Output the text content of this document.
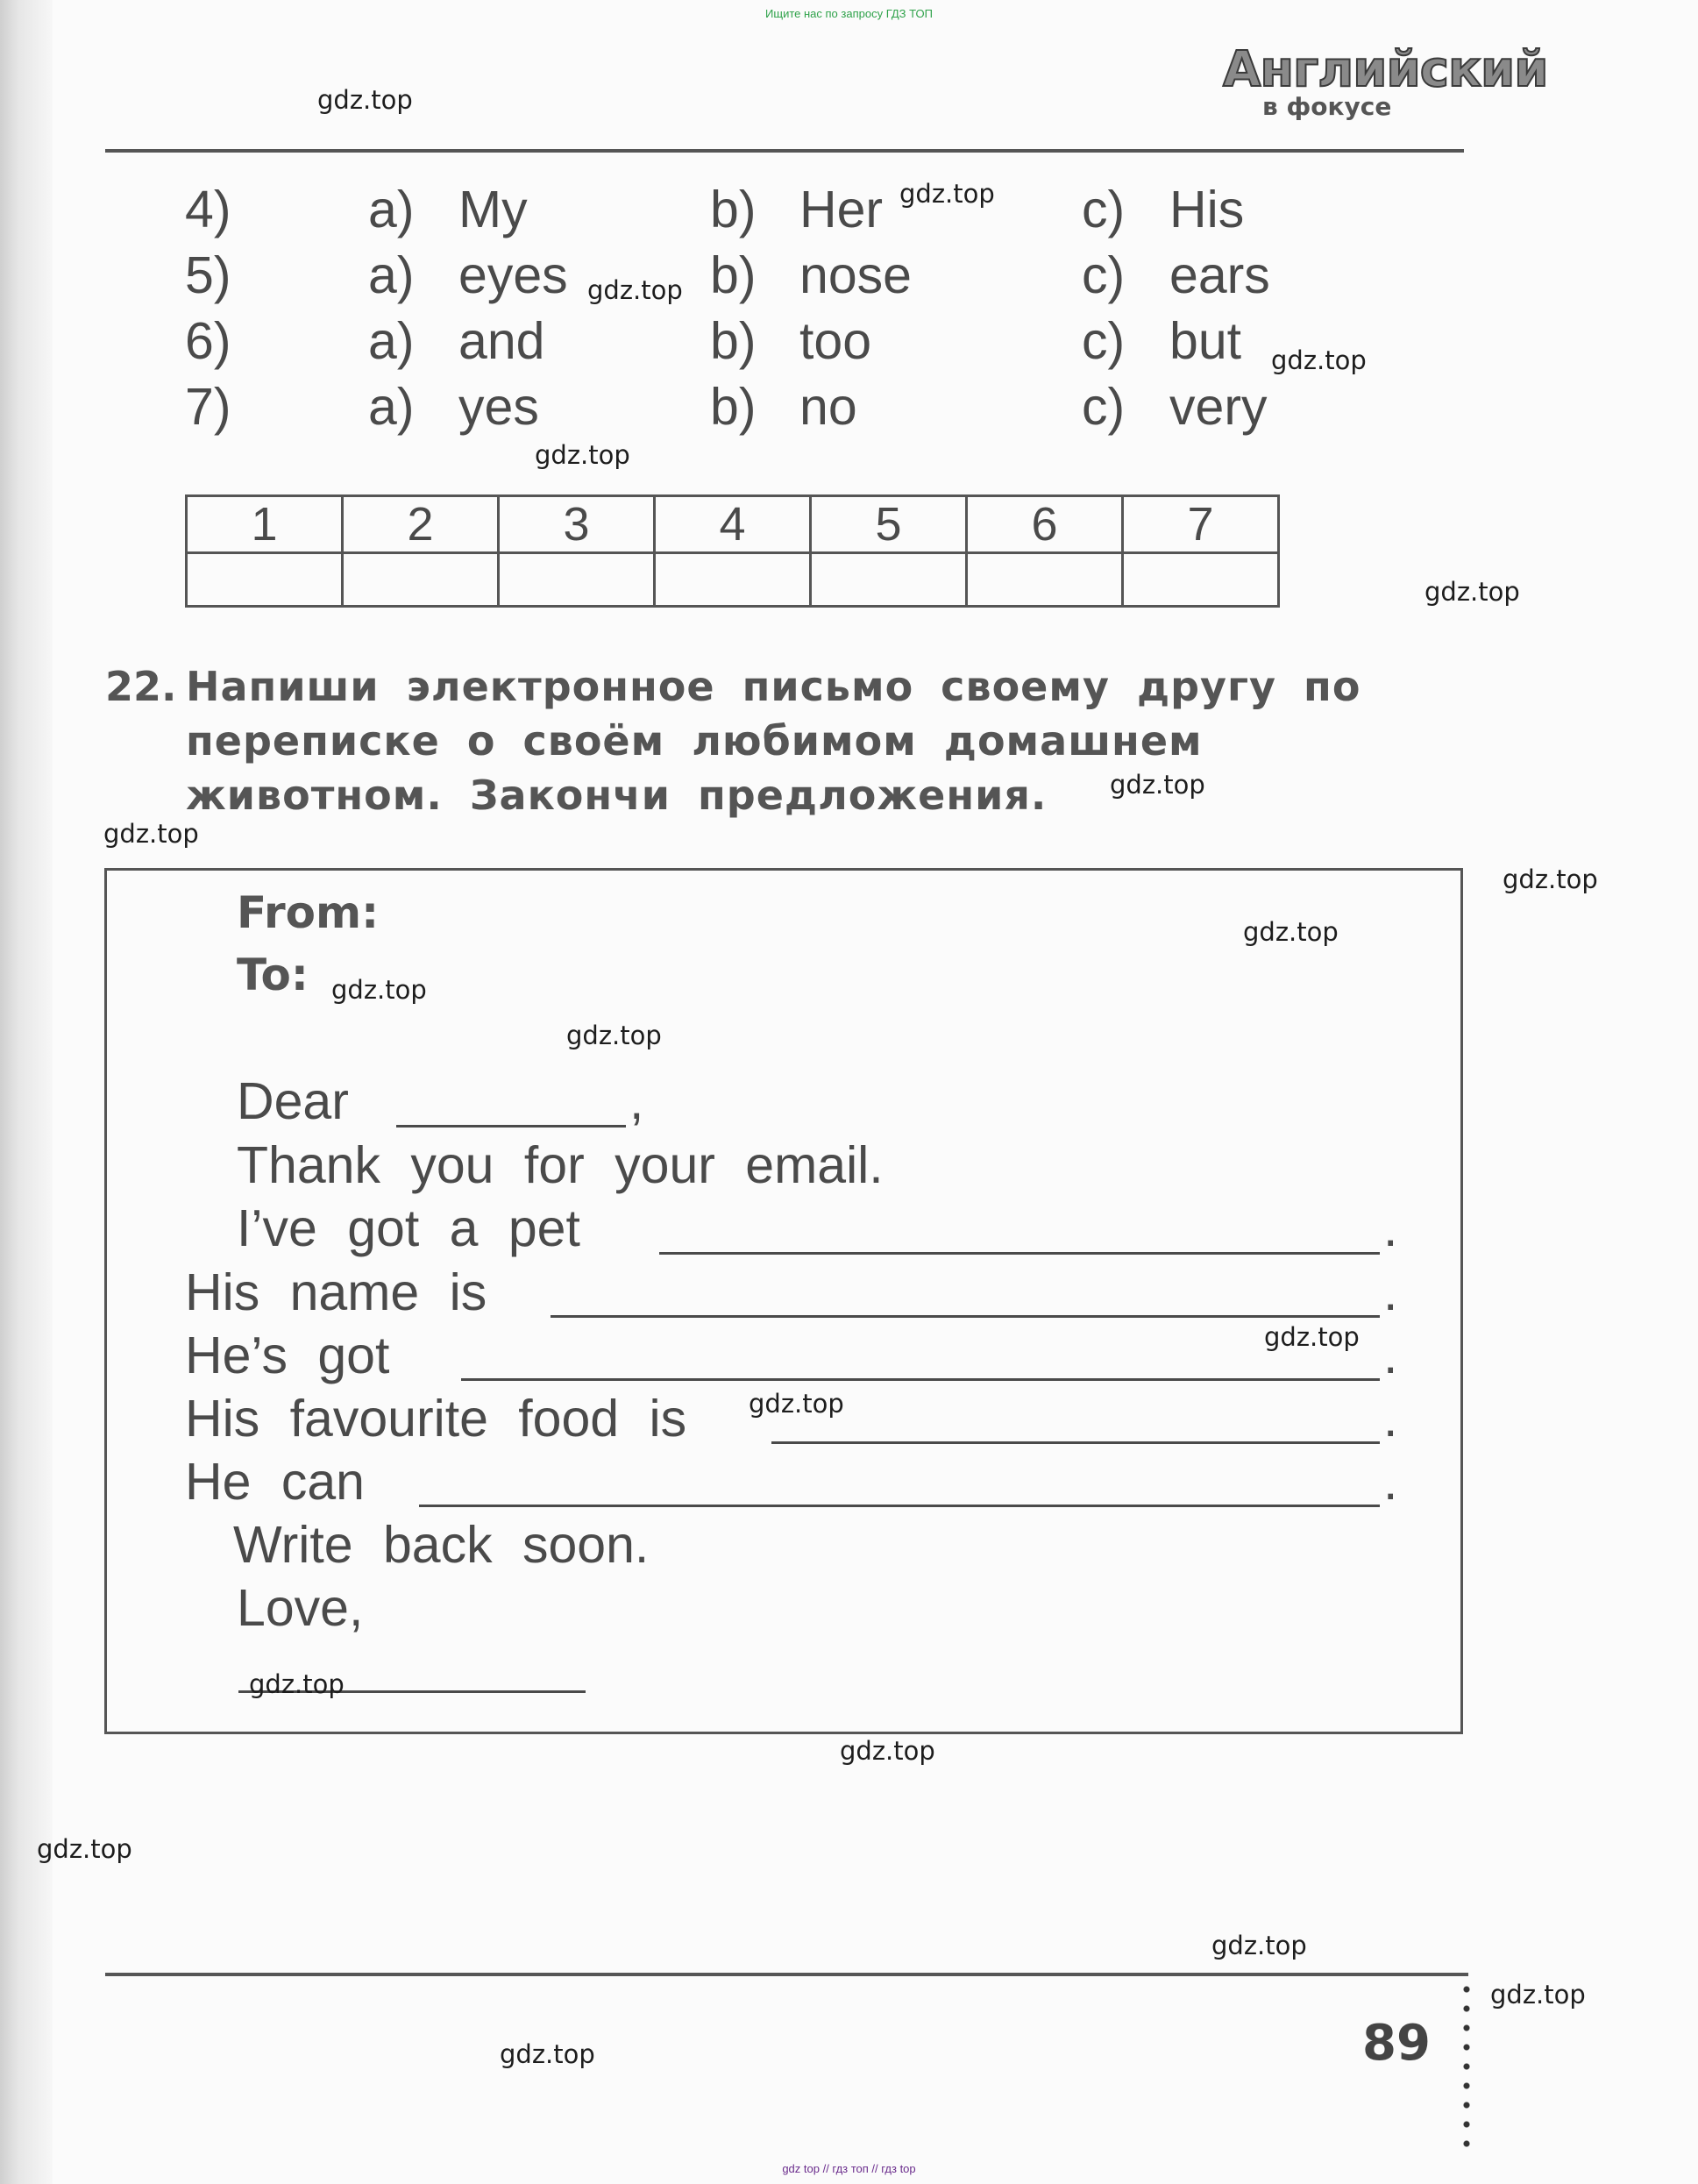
Ищите нас по запросу ГДЗ ТОП
Английский
в фокусе
4)	a) My	b) Her	c) His
5)	a) eyes	b) nose	c) ears
6)	a) and	b) too	c) but
7)	a) yes	b) no	c) very
1	2	3	4	5	6	7

22. Напиши электронное письмо своему другу по переписке о своём любимом домашнем животном. Закончи предложения.
From:
To:
Dear	,
Thank you for your email.
I’ve got a pet	.
His name is	.
He’s got	.
His favourite food is	.
He can	.
Write back soon.
Love,
89
gdz.top
gdz.top
gdz.top
gdz.top
gdz.top
gdz.top
gdz.top
gdz.top
gdz.top
gdz.top
gdz.top
gdz.top
gdz.top
gdz.top
gdz.top
gdz.top
gdz.top
gdz.top
gdz.top
gdz.top
gdz top // гдз топ // гдз top
